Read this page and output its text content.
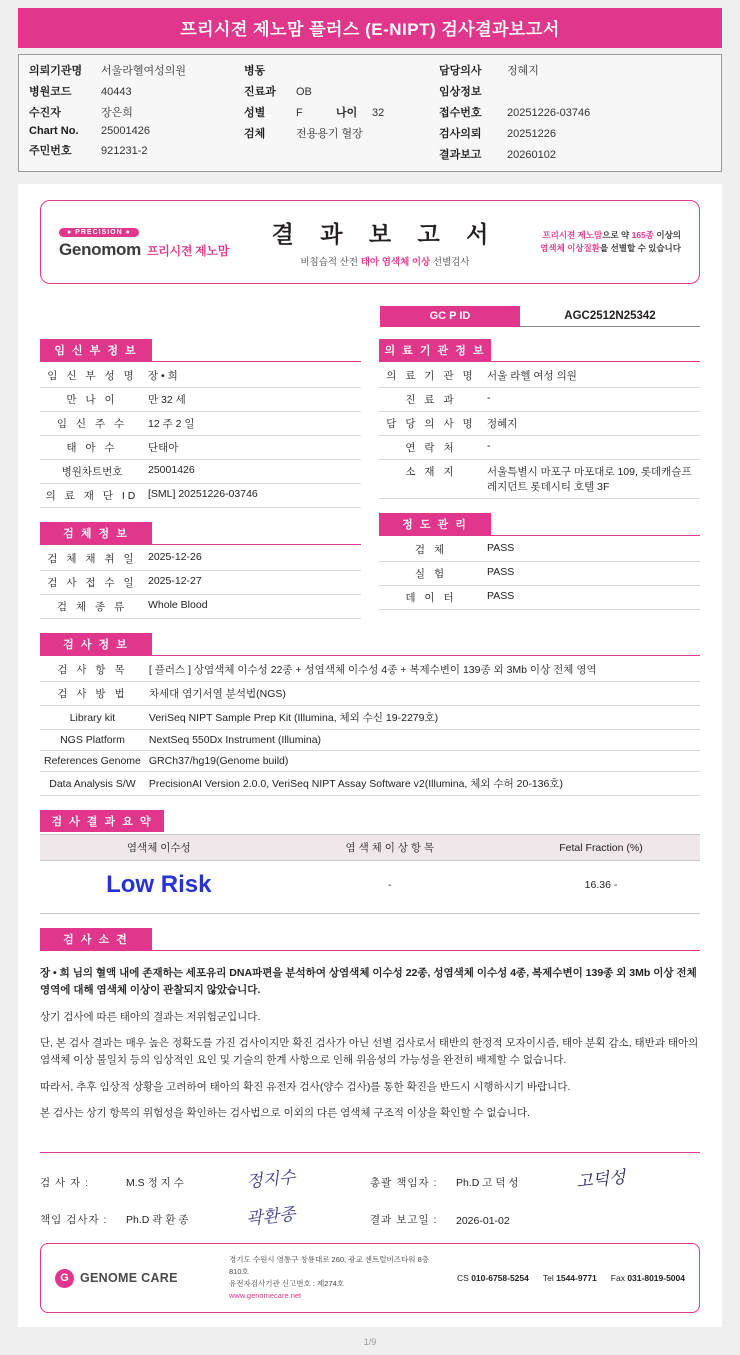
프리시젼 제노맘 플러스 (E-NIPT) 검사결과보고서
의뢰기관명	서울라헬여성의원
병원코드	40443
수진자	장은희
Chart No.	25001426
주민번호	921231-2
병동
진료과	OB
성별	F	나이	32
검체	전용용기 혈장
담당의사	정혜지
임상정보
접수번호	20251226-03746
검사의뢰	20251226
결과보고	20260102
● PRECISION ●
Genomom 프리시젼 제노맘
결 과 보 고 서
비침습적 산전 태아 염색체 이상 선별검사
프리시젼 제노맘으로 약 165종 이상의
염색체 이상질환을 선별할 수 있습니다
GC P ID	AGC2512N25342
임 신 부 정 보
임 신 부 성 명	장 • 희
만 나 이	만 32 세
임 신 주 수	12 주 2 일
태 아 수	단태아
병원차트번호	25001426
의 료 재 단 ID	[SML] 20251226-03746
검 체 정 보
검 체 채 취 일	2025-12-26
검 사 접 수 일	2025-12-27
검 체 종 류	Whole Blood
의 료 기 관 정 보
의 료 기 관 명	서울 라헬 여성 의원
진 료 과	-
담 당 의 사 명	정혜지
연 락 처	-
소 재 지	서울특별시 마포구 마포대로 109, 롯데캐슬프레지던트 롯데시티 호텔 3F
정 도 관 리
검 체	PASS
실 험	PASS
데 이 터	PASS
검 사 정 보
검 사 항 목	[ 플러스 ] 상염색체 이수성 22종 + 성염색체 이수성 4종 + 복제수변이 139종 외 3Mb 이상 전체 영역
검 사 방 법	차세대 염기서열 분석법(NGS)
Library kit	VeriSeq NIPT Sample Prep Kit (Illumina, 체외 수신 19-2279호)
NGS Platform	NextSeq 550Dx Instrument (Illumina)
References Genome	GRCh37/hg19(Genome build)
Data Analysis S/W	PrecisionAI Version 2.0.0, VeriSeq NIPT Assay Software v2(Illumina, 체외 수허 20-136호)
검 사 결 과 요 약
염색체 이수성	염 색 체 이 상 항 목	Fetal Fraction (%)
Low Risk	-	16.36 -
검 사 소 견

장 • 희 님의 혈액 내에 존재하는 세포유리 DNA파편을 분석하여 상염색체 이수성 22종, 성염색체 이수성 4종, 복제수변이 139종 외 3Mb 이상 전체 영역에 대해 염색체 이상이 관찰되지 않았습니다.

상기 검사에 따른 태아의 결과는 저위험군입니다.

단, 본 검사 결과는 매우 높은 정확도를 가진 검사이지만 확진 검사가 아닌 선별 검사로서 태반의 한정적 모자이시즘, 태아 분획 감소, 태반과 태아의 염색체 이상 불일치 등의 임상적인 요인 및 기술의 한계 사항으로 인해 위음성의 가능성을 완전히 배제할 수 없습니다.

따라서, 추후 임상적 상황을 고려하여 태아의 확진 유전자 검사(양수 검사)를 통한 확진을 반드시 시행하시기 바랍니다.

본 검사는 상기 항목의 위험성을 확인하는 검사법으로 이외의 다른 염색체 구조적 이상을 확인할 수 없습니다.

검 사 자 :	M.S 정 지 수	정지수	총괄 책임자 :	Ph.D 고 덕 성	고덕성
책임 검사자 :	Ph.D 곽 환 종	곽환종	결과 보고일 :	2026-01-02
G GENOME CARE
경기도 수원시 영통구 창룡대로 260, 광교 센트럴비즈타워 8층 810호
유전자검사기관 신고번호 : 제274호
www.genomecare.net
CS 010-6758-5254 Tel 1544-9771 Fax 031-8019-5004
1/9
